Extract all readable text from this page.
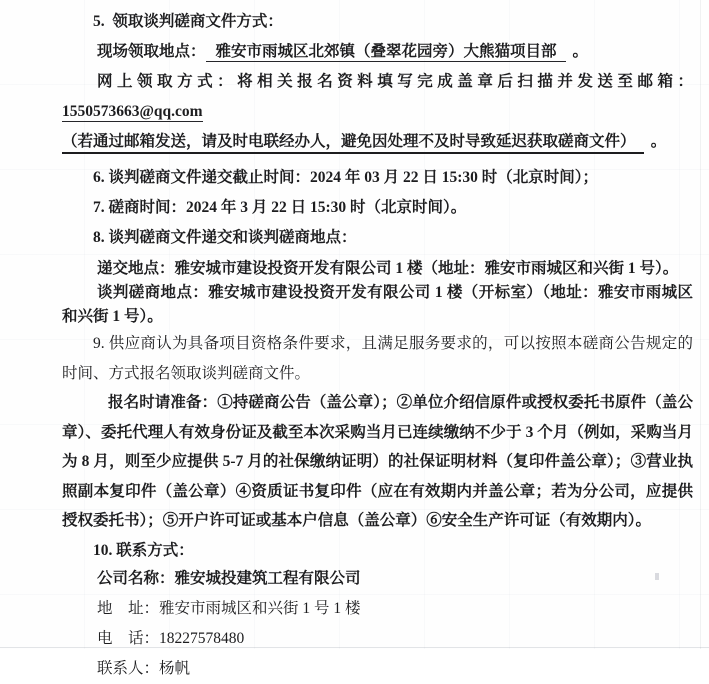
5. 领取谈判磋商文件方式：

现场领取地点： 雅安市雨城区北郊镇（叠翠花园旁）大熊猫项目部 。

网上领取方式：将相关报名资料填写完成盖章后扫描并发送至邮箱：1550573663@qq.com

（若通过邮箱发送，请及时电联经办人，避免因处理不及时导致延迟获取磋商文件） 。

6. 谈判磋商文件递交截止时间：2024 年 03 月 22 日 15:30 时（北京时间）；

7. 磋商时间：2024 年 3 月 22 日 15:30 时（北京时间）。

8. 谈判磋商文件递交和谈判磋商地点：

递交地点：雅安城市建设投资开发有限公司 1 楼（地址：雅安市雨城区和兴街 1 号）。

谈判磋商地点：雅安城市建设投资开发有限公司 1 楼（开标室）（地址：雅安市雨城区和兴街 1 号）。

9. 供应商认为具备项目资格条件要求，且满足服务要求的，可以按照本磋商公告规定的时间、方式报名领取谈判磋商文件。

报名时请准备：①持磋商公告（盖公章）；②单位介绍信原件或授权委托书原件（盖公章）、委托代理人有效身份证及截至本次采购当月已连续缴纳不少于 3 个月（例如，采购当月为 8 月，则至少应提供 5-7 月的社保缴纳证明）的社保证明材料（复印件盖公章）；③营业执照副本复印件（盖公章）④资质证书复印件（应在有效期内并盖公章；若为分公司，应提供授权委托书）；⑤开户许可证或基本户信息（盖公章）⑥安全生产许可证（有效期内）。

10. 联系方式：

公司名称：雅安城投建筑工程有限公司

地　址：雅安市雨城区和兴街 1 号 1 楼

电　话：18227578480

联系人：杨帆
